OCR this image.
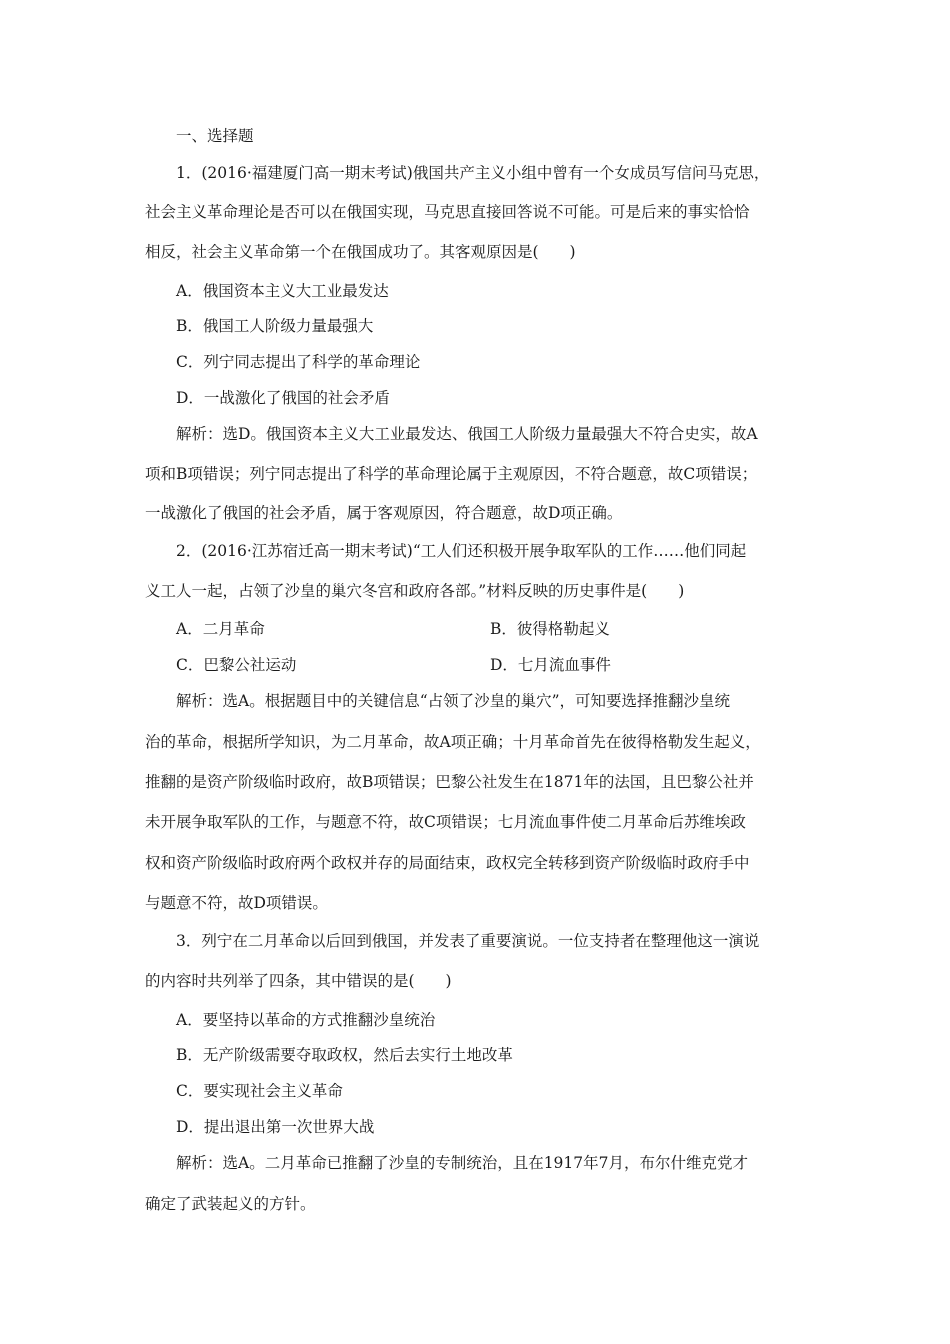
一、选择题
1．(2016·福建厦门高一期末考试)俄国共产主义小组中曾有一个女成员写信问马克思，
社会主义革命理论是否可以在俄国实现，马克思直接回答说不可能。可是后来的事实恰恰
相反，社会主义革命第一个在俄国成功了。其客观原因是(　　)
A．俄国资本主义大工业最发达
B．俄国工人阶级力量最强大
C．列宁同志提出了科学的革命理论
D．一战激化了俄国的社会矛盾
解析：选D。俄国资本主义大工业最发达、俄国工人阶级力量最强大不符合史实，故A
项和B项错误；列宁同志提出了科学的革命理论属于主观原因，不符合题意，故C项错误；
一战激化了俄国的社会矛盾，属于客观原因，符合题意，故D项正确。
2．(2016·江苏宿迁高一期末考试)“工人们还积极开展争取军队的工作……他们同起
义工人一起，占领了沙皇的巢穴冬宫和政府各部。”材料反映的历史事件是(　　)
A．二月革命	B．彼得格勒起义
C．巴黎公社运动	D．七月流血事件
解析：选A。根据题目中的关键信息“占领了沙皇的巢穴”，可知要选择推翻沙皇统
治的革命，根据所学知识，为二月革命，故A项正确；十月革命首先在彼得格勒发生起义，
推翻的是资产阶级临时政府，故B项错误；巴黎公社发生在1871年的法国，且巴黎公社并
未开展争取军队的工作，与题意不符，故C项错误；七月流血事件使二月革命后苏维埃政
权和资产阶级临时政府两个政权并存的局面结束，政权完全转移到资产阶级临时政府手中
与题意不符，故D项错误。
3．列宁在二月革命以后回到俄国，并发表了重要演说。一位支持者在整理他这一演说
的内容时共列举了四条，其中错误的是(　　)
A．要坚持以革命的方式推翻沙皇统治
B．无产阶级需要夺取政权，然后去实行土地改革
C．要实现社会主义革命
D．提出退出第一次世界大战
解析：选A。二月革命已推翻了沙皇的专制统治，且在1917年7月，布尔什维克党才
确定了武装起义的方针。
